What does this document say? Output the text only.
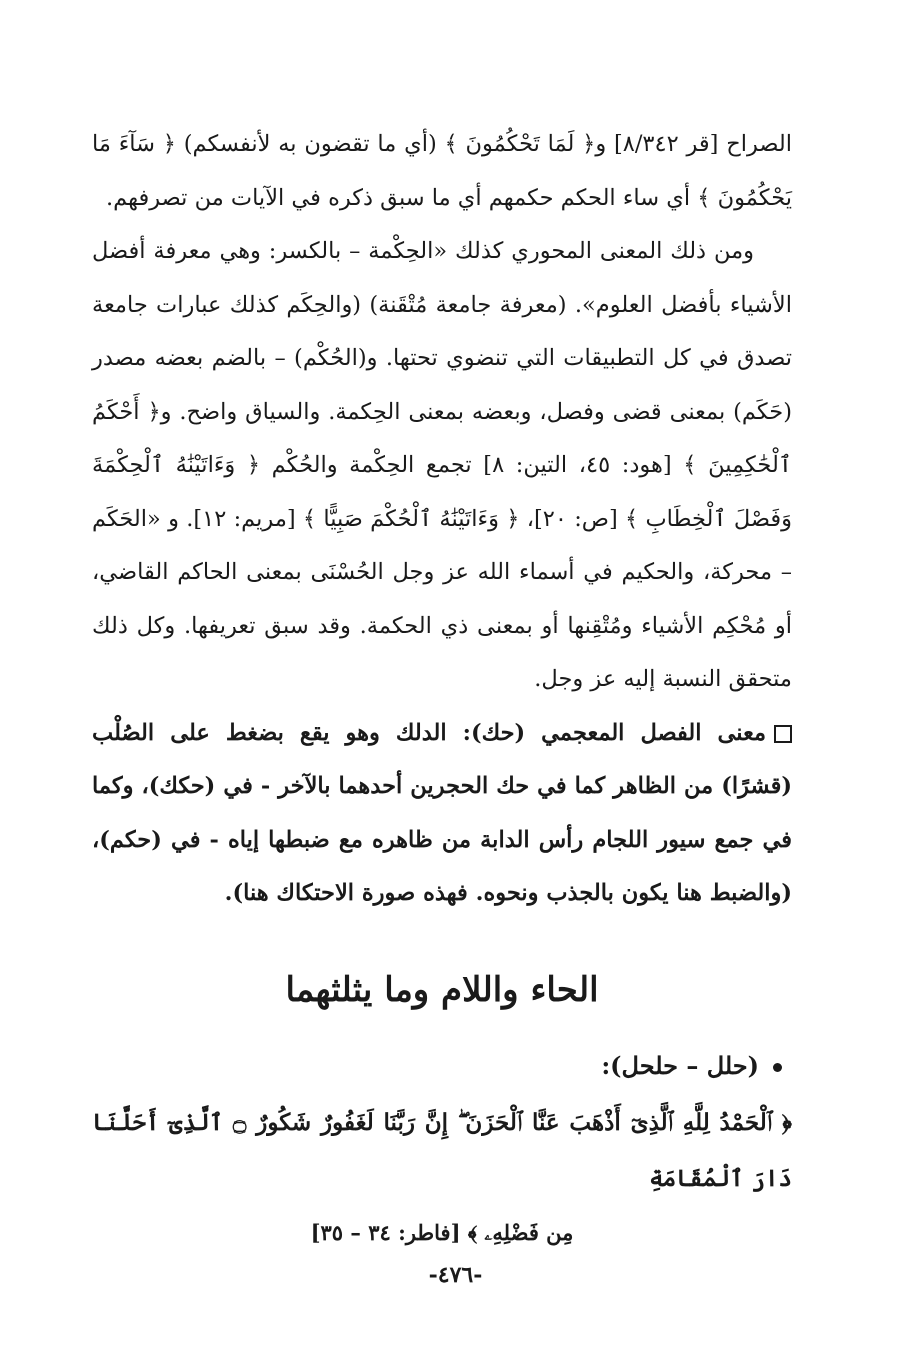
الصراح [قر ٨/٣٤٢] و﴿ لَمَا تَحْكُمُونَ ﴾ (أي ما تقضون به لأنفسكم) ﴿ سَآءَ مَا يَحْكُمُونَ ﴾ أي ساء الحكم حكمهم أي ما سبق ذكره في الآيات من تصرفهم.

ومن ذلك المعنى المحوري كذلك «الحِكْمة – بالكسر: وهي معرفة أفضل الأشياء بأفضل العلوم». (معرفة جامعة مُتْقَنة) (والحِكَم كذلك عبارات جامعة تصدق في كل التطبيقات التي تنضوي تحتها. و(الحُكْم) – بالضم بعضه مصدر (حَكَم) بمعنى قضى وفصل، وبعضه بمعنى الحِكمة. والسياق واضح. و﴿ أَحْكَمُ ٱلْحَٰكِمِينَ ﴾ [هود: ٤٥، التين: ٨] تجمع الحِكْمة والحُكْم ﴿ وَءَاتَيْنَٰهُ ٱلْحِكْمَةَ وَفَصْلَ ٱلْخِطَابِ ﴾ [ص: ٢٠]، ﴿ وَءَاتَيْنَٰهُ ٱلْحُكْمَ صَبِيًّا ﴾ [مريم: ١٢]. و «الحَكَم – محركة، والحكيم في أسماء الله عز وجل الحُسْنَى بمعنى الحاكم القاضي، أو مُحْكِم الأشياء ومُتْقِنها أو بمعنى ذي الحكمة. وقد سبق تعريفها. وكل ذلك متحقق النسبة إليه عز وجل.

معنى الفصل المعجمي (حك): الدلك وهو يقع بضغط على الصُلْب (قشرًا) من الظاهر كما في حك الحجرين أحدهما بالآخر - في (حكك)، وكما في جمع سيور اللجام رأس الدابة من ظاهره مع ضبطها إياه - في (حكم)، (والضبط هنا يكون بالجذب ونحوه. فهذه صورة الاحتكاك هنا).

الحاء واللام وما يثلثهما
(حلل – حلحل):

﴿ ٱلْحَمْدُ لِلَّهِ ٱلَّذِىٓ أَذْهَبَ عَنَّا ٱلْحَزَنَ ۖ إِنَّ رَبَّنَا لَغَفُورٌ شَكُورٌ ۝ ٱلَّذِىٓ أَحَلَّنَا دَارَ ٱلْمُقَامَةِ

مِن فَضْلِهِۦ ﴾ [فاطر: ٣٤ – ٣٥]

-٤٧٦-
